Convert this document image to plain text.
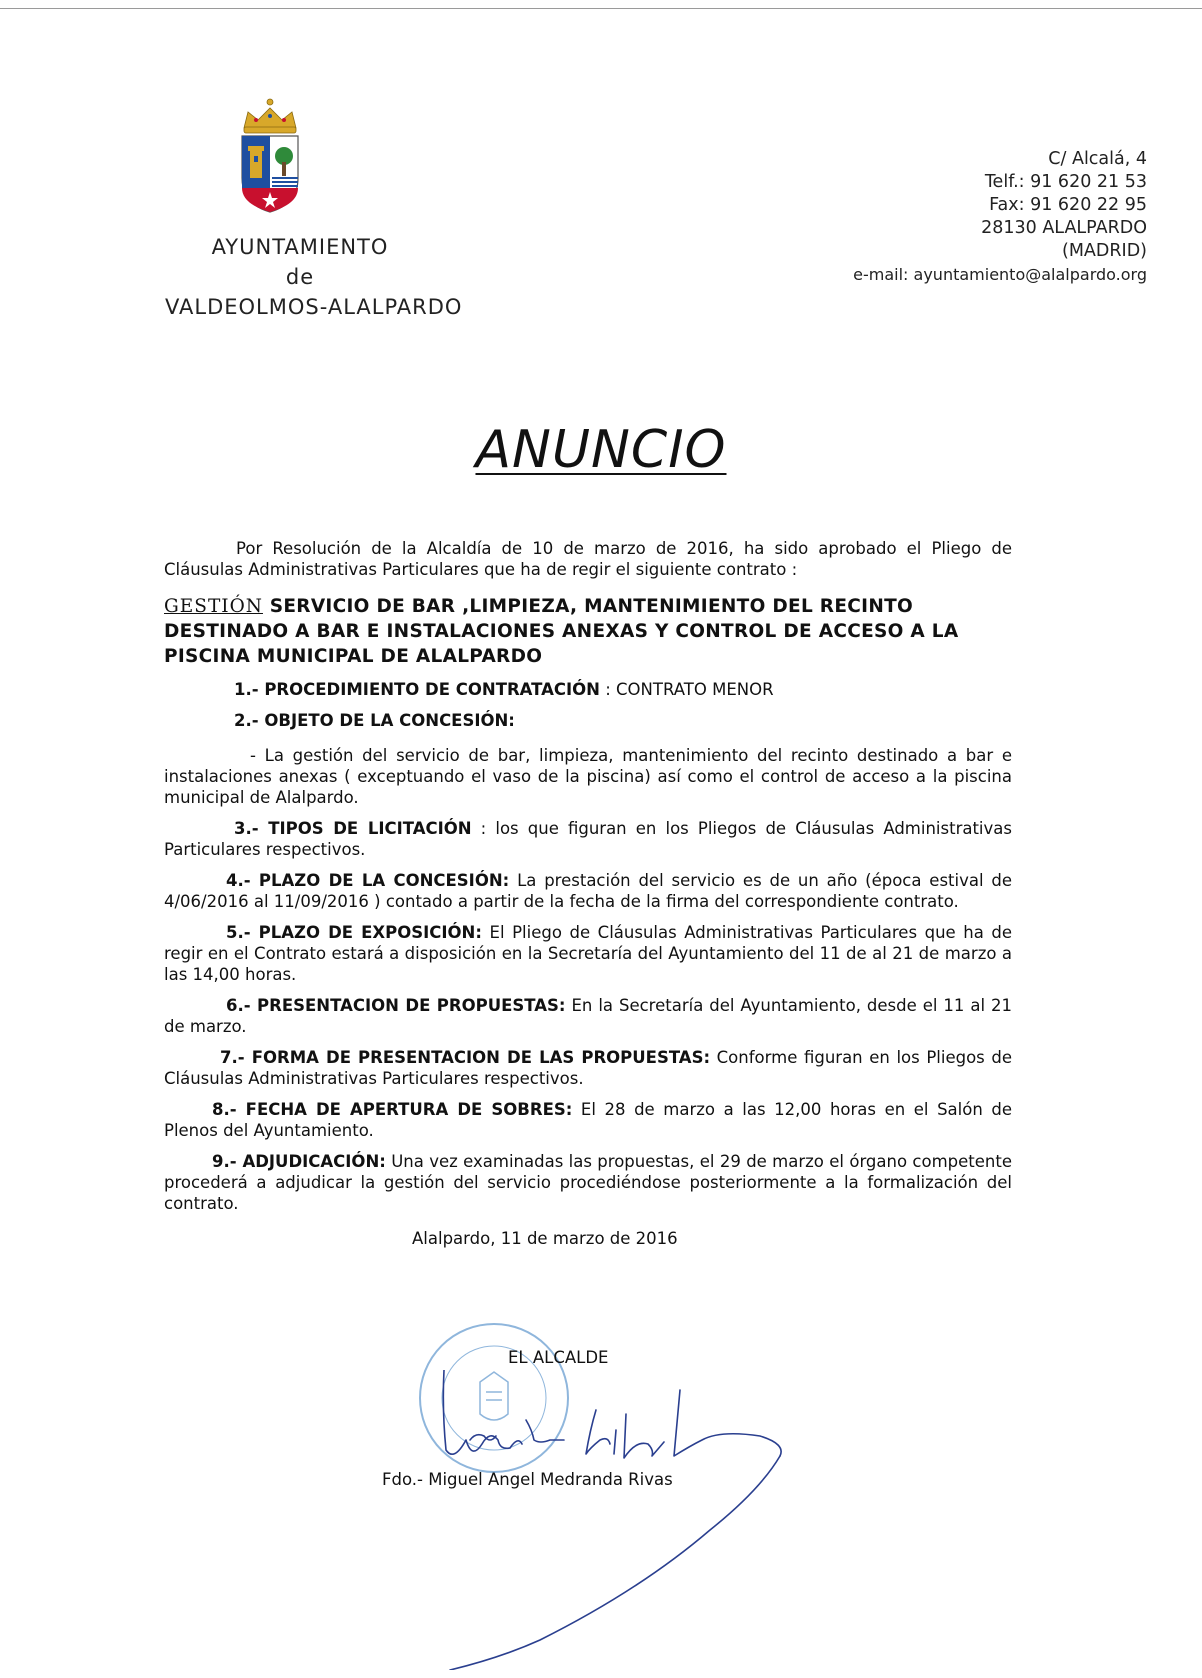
AYUNTAMIENTO
de
VALDEOLMOS-ALALPARDO
C/ Alcalá, 4
Telf.: 91 620 21 53
Fax: 91 620 22 95
28130 ALALPARDO
(MADRID)
e-mail: ayuntamiento@alalpardo.org
ANUNCIO

Por Resolución de la Alcaldía de 10 de marzo de 2016, ha sido aprobado el Pliego de Cláusulas Administrativas Particulares que ha de regir el siguiente contrato :

GESTIÓN SERVICIO DE BAR ,LIMPIEZA, MANTENIMIENTO DEL RECINTO DESTINADO A BAR E INSTALACIONES ANEXAS Y CONTROL DE ACCESO A LA PISCINA MUNICIPAL DE ALALPARDO

1.- PROCEDIMIENTO DE CONTRATACIÓN : CONTRATO MENOR

2.- OBJETO DE LA CONCESIÓN:

- La gestión del servicio de bar, limpieza, mantenimiento del recinto destinado a bar e instalaciones anexas ( exceptuando el vaso de la piscina) así como el control de acceso a la piscina municipal de Alalpardo.

3.- TIPOS DE LICITACIÓN : los que figuran en los Pliegos de Cláusulas Administrativas Particulares respectivos.

4.- PLAZO DE LA CONCESIÓN: La prestación del servicio es de un año (época estival de 4/06/2016 al 11/09/2016 ) contado a partir de la fecha de la firma del correspondiente contrato.

5.- PLAZO DE EXPOSICIÓN: El Pliego de Cláusulas Administrativas Particulares que ha de regir en el Contrato estará a disposición en la Secretaría del Ayuntamiento del 11 de al 21 de marzo a las 14,00 horas.

6.- PRESENTACION DE PROPUESTAS: En la Secretaría del Ayuntamiento, desde el 11 al 21 de marzo.

7.- FORMA DE PRESENTACION DE LAS PROPUESTAS: Conforme figuran en los Pliegos de Cláusulas Administrativas Particulares respectivos.

8.- FECHA DE APERTURA DE SOBRES: El 28 de marzo a las 12,00 horas en el Salón de Plenos del Ayuntamiento.

9.- ADJUDICACIÓN: Una vez examinadas las propuestas, el 29 de marzo el órgano competente procederá a adjudicar la gestión del servicio procediéndose posteriormente a la formalización del contrato.

Alalpardo, 11 de marzo de 2016

EL ALCALDE
Fdo.- Miguel Angel Medranda Rivas
